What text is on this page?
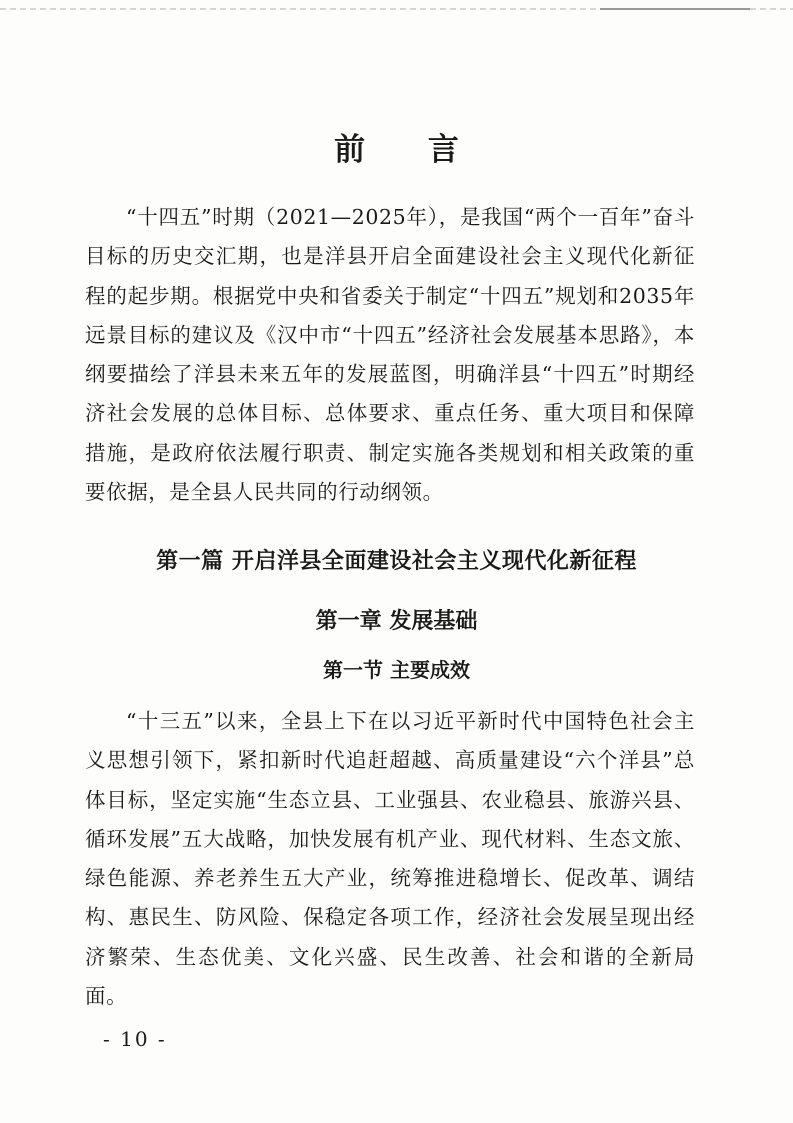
前 言

“十四五”时期（2021—2025年），是我国“两个一百年”奋斗目标的历史交汇期，也是洋县开启全面建设社会主义现代化新征程的起步期。根据党中央和省委关于制定“十四五”规划和2035年远景目标的建议及《汉中市“十四五”经济社会发展基本思路》，本纲要描绘了洋县未来五年的发展蓝图，明确洋县“十四五”时期经济社会发展的总体目标、总体要求、重点任务、重大项目和保障措施，是政府依法履行职责、制定实施各类规划和相关政策的重要依据，是全县人民共同的行动纲领。

第一篇 开启洋县全面建设社会主义现代化新征程
第一章 发展基础
第一节 主要成效

“十三五”以来，全县上下在以习近平新时代中国特色社会主义思想引领下，紧扣新时代追赶超越、高质量建设“六个洋县”总体目标，坚定实施“生态立县、工业强县、农业稳县、旅游兴县、循环发展”五大战略，加快发展有机产业、现代材料、生态文旅、绿色能源、养老养生五大产业，统筹推进稳增长、促改革、调结构、惠民生、防风险、保稳定各项工作，经济社会发展呈现出经济繁荣、生态优美、文化兴盛、民生改善、社会和谐的全新局面。

- 10 -
